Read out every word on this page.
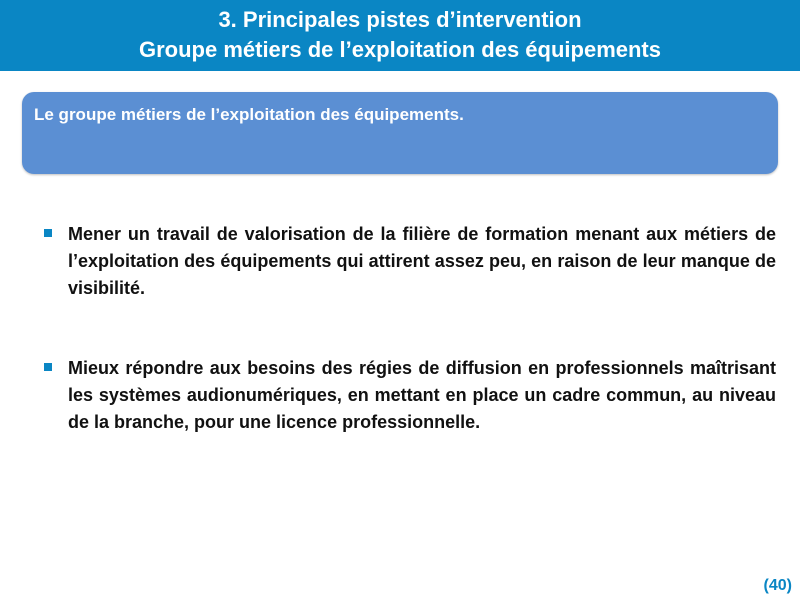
3. Principales pistes d’intervention
Groupe métiers de l’exploitation des équipements
Le groupe métiers de l’exploitation des équipements.
Mener un travail de valorisation de la filière de formation menant aux métiers de l’exploitation des équipements qui attirent assez peu, en raison de leur manque de visibilité.
Mieux répondre aux besoins des régies de diffusion en professionnels maîtrisant les systèmes audionumériques, en mettant en place un cadre commun, au niveau de la branche, pour une licence professionnelle.
(40)
